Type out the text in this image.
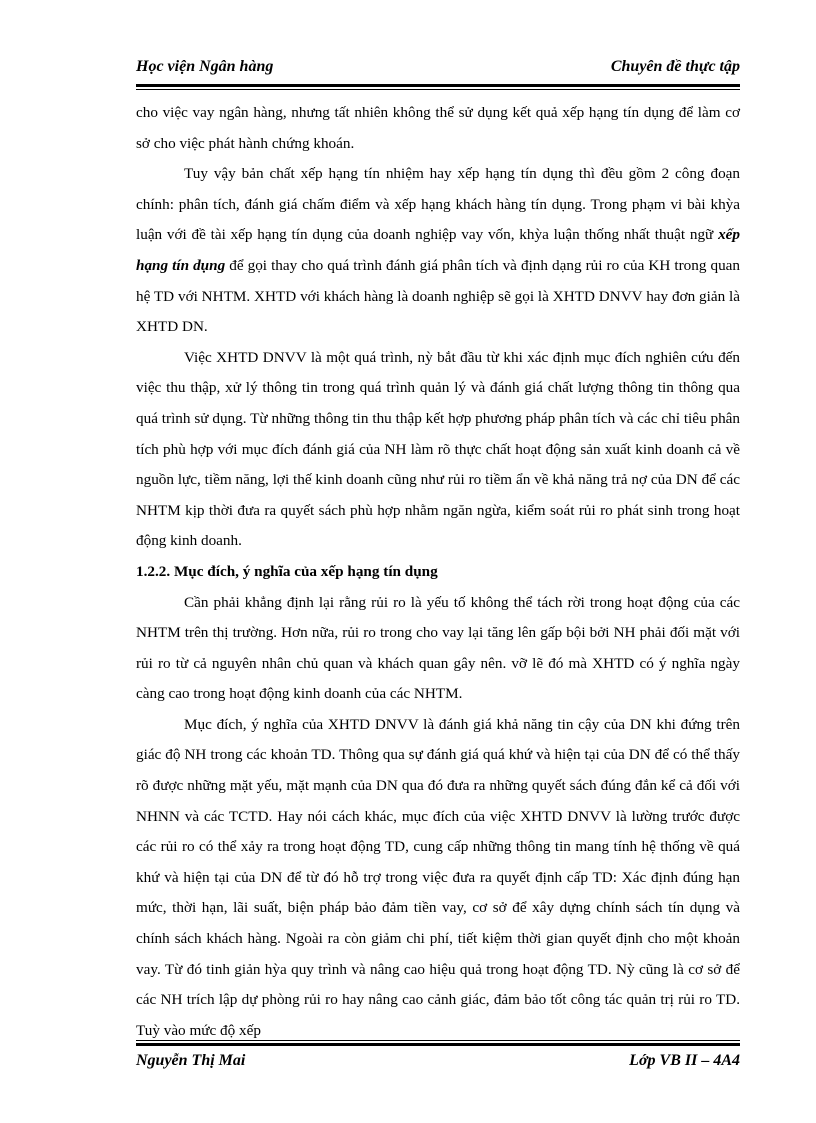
Học viện Ngân hàng	Chuyên đề thực tập

cho việc vay ngân hàng, nhưng tất nhiên không thể sử dụng kết quả xếp hạng tín dụng để làm cơ sở cho việc phát hành chứng khoán.

Tuy vậy bản chất xếp hạng tín nhiệm hay xếp hạng tín dụng thì đều gồm 2 công đoạn chính: phân tích, đánh giá chấm điểm và xếp hạng khách hàng tín dụng. Trong phạm vi bài khỳa luận với đề tài xếp hạng tín dụng của doanh nghiệp vay vốn, khỳa luận thống nhất thuật ngữ xếp hạng tín dụng để gọi thay cho quá trình đánh giá phân tích và định dạng rủi ro của KH trong quan hệ TD với NHTM. XHTD với khách hàng là doanh nghiệp sẽ gọi là XHTD DNVV hay đơn giản là XHTD DN.

Việc XHTD DNVV là một quá trình, nỳ bắt đầu từ khi xác định mục đích nghiên cứu đến việc thu thập, xử lý thông tin trong quá trình quản lý và đánh giá chất lượng thông tin thông qua quá trình sử dụng. Từ những thông tin thu thập kết hợp phương pháp phân tích và các chỉ tiêu phân tích phù hợp với mục đích đánh giá của NH làm rõ thực chất hoạt động sản xuất kinh doanh cả về nguồn lực, tiềm năng, lợi thế kinh doanh cũng như rủi ro tiềm ẩn về khả năng trả nợ của DN để các NHTM kịp thời đưa ra quyết sách phù hợp nhằm ngăn ngừa, kiểm soát rủi ro phát sinh trong hoạt động kinh doanh.

1.2.2. Mục đích, ý nghĩa của xếp hạng tín dụng

Cần phải khẳng định lại rằng rủi ro là yếu tố không thể tách rời trong hoạt động của các NHTM trên thị trường. Hơn nữa, rủi ro trong cho vay lại tăng lên gấp bội bởi NH phải đối mặt với rủi ro từ cả nguyên nhân chủ quan và khách quan gây nên. vỡ lẽ đó mà XHTD có ý nghĩa ngày càng cao trong hoạt động kinh doanh của các NHTM.

Mục đích, ý nghĩa của XHTD DNVV là đánh giá khả năng tin cậy của DN khi đứng trên giác độ NH trong các khoản TD. Thông qua sự đánh giá quá khứ và hiện tại của DN để có thể thấy rõ được những mặt yếu, mặt mạnh của DN qua đó đưa ra những quyết sách đúng đắn kể cả đối với NHNN và các TCTD. Hay nói cách khác, mục đích của việc XHTD DNVV là lường trước được các rủi ro có thể xảy ra trong hoạt động TD, cung cấp những thông tin mang tính hệ thống về quá khứ và hiện tại của DN để từ đó hỗ trợ trong việc đưa ra quyết định cấp TD: Xác định đúng hạn mức, thời hạn, lãi suất, biện pháp bảo đảm tiền vay, cơ sở để xây dựng chính sách tín dụng và chính sách khách hàng. Ngoài ra còn giảm chi phí, tiết kiệm thời gian quyết định cho một khoản vay. Từ đó tinh giản hỳa quy trình và nâng cao hiệu quả trong hoạt động TD. Nỳ cũng là cơ sở để các NH trích lập dự phòng rủi ro hay nâng cao cảnh giác, đảm bảo tốt công tác quản trị rủi ro TD. Tuỳ vào mức độ xếp

Nguyễn Thị Mai	Lớp VB II – 4A4
